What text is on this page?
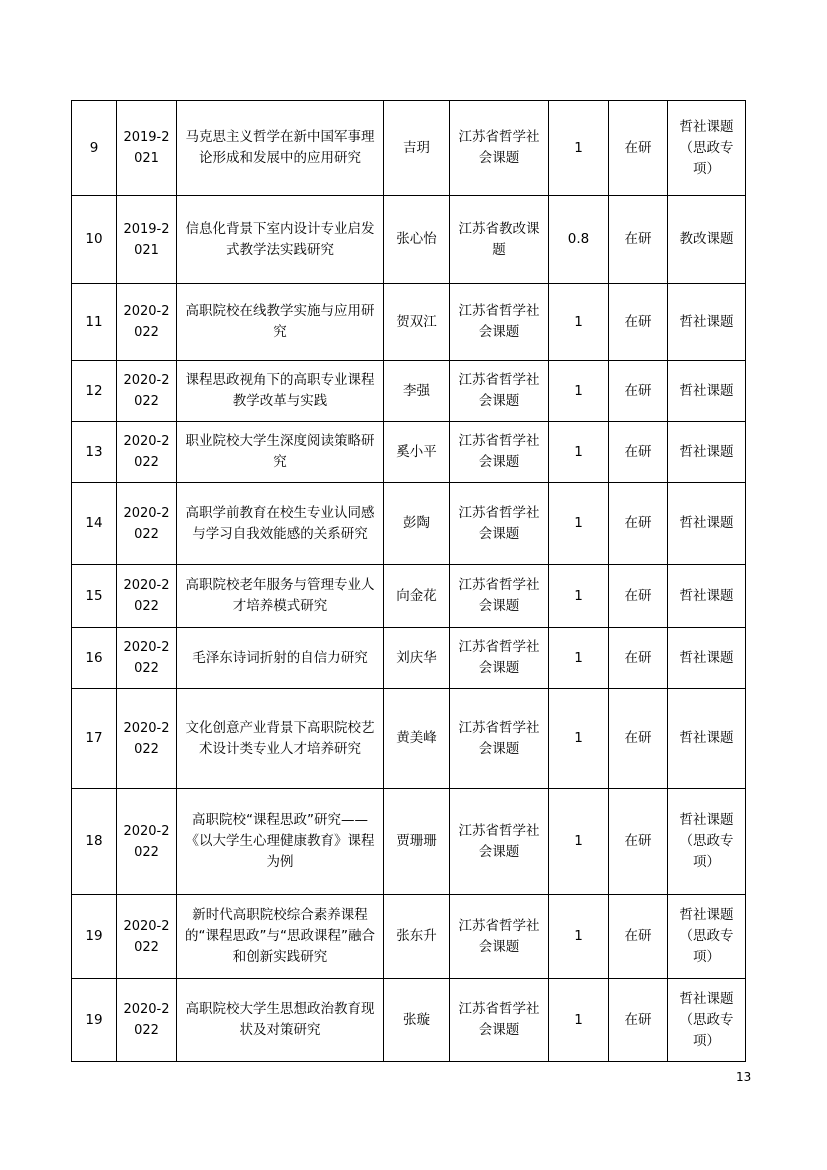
9	2019-2021	马克思主义哲学在新中国军事理论形成和发展中的应用研究	吉玥	江苏省哲学社会课题	1	在研	哲社课题（思政专项）
10	2019-2021	信息化背景下室内设计专业启发式教学法实践研究	张心怡	江苏省教改课题	0.8	在研	教改课题
11	2020-2022	高职院校在线教学实施与应用研究	贺双江	江苏省哲学社会课题	1	在研	哲社课题
12	2020-2022	课程思政视角下的高职专业课程教学改革与实践	李强	江苏省哲学社会课题	1	在研	哲社课题
13	2020-2022	职业院校大学生深度阅读策略研究	奚小平	江苏省哲学社会课题	1	在研	哲社课题
14	2020-2022	高职学前教育在校生专业认同感与学习自我效能感的关系研究	彭陶	江苏省哲学社会课题	1	在研	哲社课题
15	2020-2022	高职院校老年服务与管理专业人才培养模式研究	向金花	江苏省哲学社会课题	1	在研	哲社课题
16	2020-2022	毛泽东诗词折射的自信力研究	刘庆华	江苏省哲学社会课题	1	在研	哲社课题
17	2020-2022	文化创意产业背景下高职院校艺术设计类专业人才培养研究	黄美峰	江苏省哲学社会课题	1	在研	哲社课题
18	2020-2022	高职院校“课程思政”研究——《以大学生心理健康教育》课程为例	贾珊珊	江苏省哲学社会课题	1	在研	哲社课题（思政专项）
19	2020-2022	新时代高职院校综合素养课程的“课程思政”与“思政课程”融合和创新实践研究	张东升	江苏省哲学社会课题	1	在研	哲社课题（思政专项）
19	2020-2022	高职院校大学生思想政治教育现状及对策研究	张璇	江苏省哲学社会课题	1	在研	哲社课题（思政专项）
13
